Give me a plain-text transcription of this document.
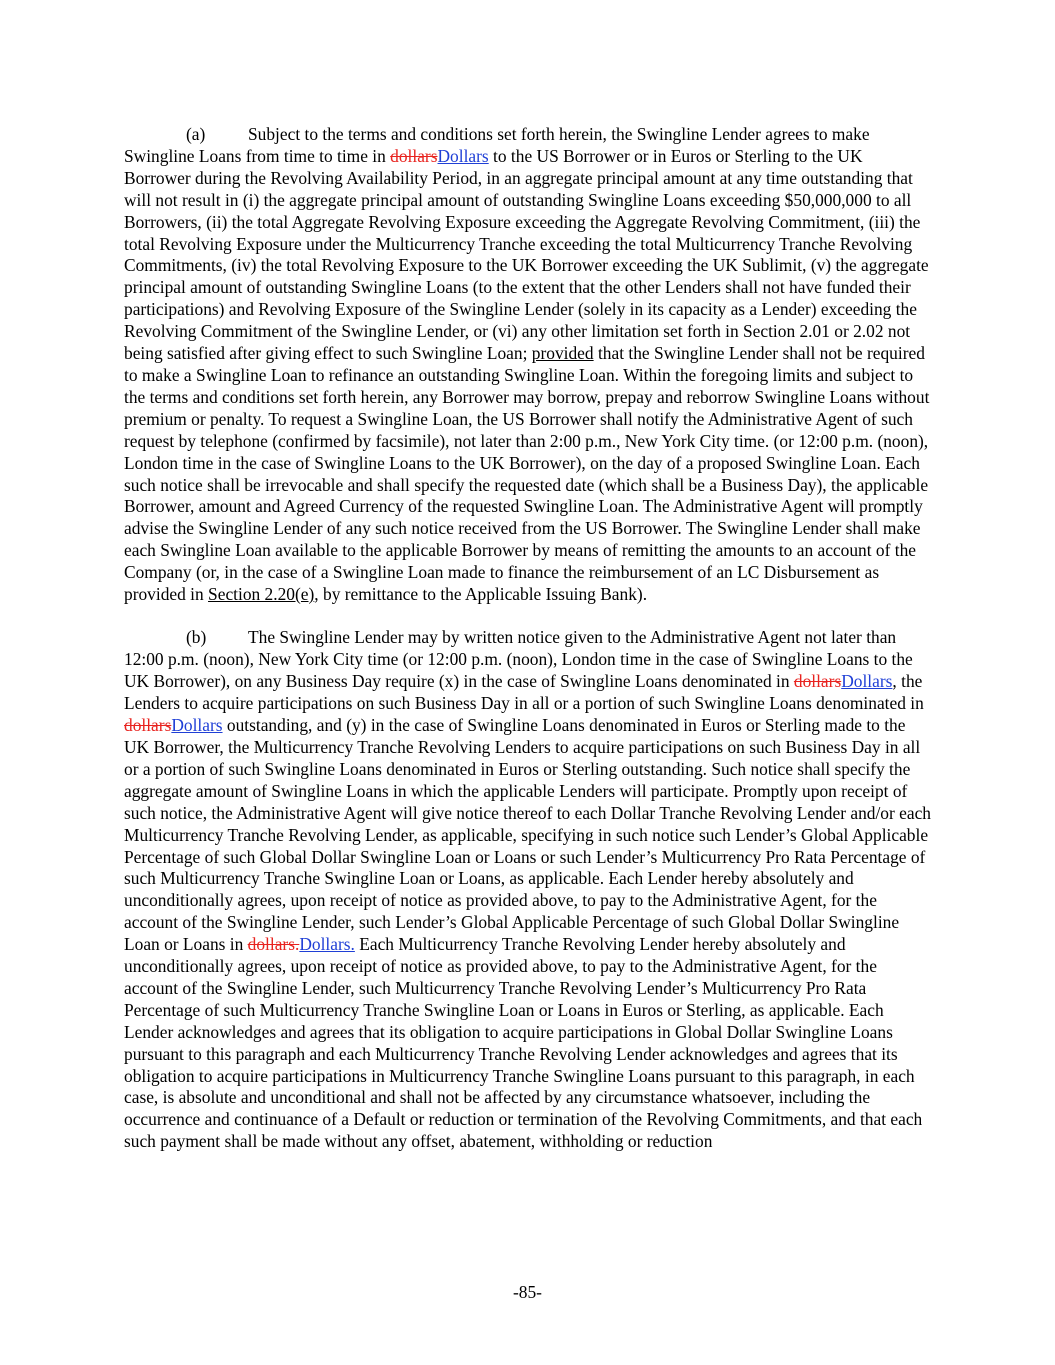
(a) Subject to the terms and conditions set forth herein, the Swingline Lender agrees to make Swingline Loans from time to time in dollarsDollars to the US Borrower or in Euros or Sterling to the UK Borrower during the Revolving Availability Period, in an aggregate principal amount at any time outstanding that will not result in (i) the aggregate principal amount of outstanding Swingline Loans exceeding $50,000,000 to all Borrowers, (ii) the total Aggregate Revolving Exposure exceeding the Aggregate Revolving Commitment, (iii) the total Revolving Exposure under the Multicurrency Tranche exceeding the total Multicurrency Tranche Revolving Commitments, (iv) the total Revolving Exposure to the UK Borrower exceeding the UK Sublimit, (v) the aggregate principal amount of outstanding Swingline Loans (to the extent that the other Lenders shall not have funded their participations) and Revolving Exposure of the Swingline Lender (solely in its capacity as a Lender) exceeding the Revolving Commitment of the Swingline Lender, or (vi) any other limitation set forth in Section 2.01 or 2.02 not being satisfied after giving effect to such Swingline Loan; provided that the Swingline Lender shall not be required to make a Swingline Loan to refinance an outstanding Swingline Loan. Within the foregoing limits and subject to the terms and conditions set forth herein, any Borrower may borrow, prepay and reborrow Swingline Loans without premium or penalty. To request a Swingline Loan, the US Borrower shall notify the Administrative Agent of such request by telephone (confirmed by facsimile), not later than 2:00 p.m., New York City time. (or 12:00 p.m. (noon), London time in the case of Swingline Loans to the UK Borrower), on the day of a proposed Swingline Loan. Each such notice shall be irrevocable and shall specify the requested date (which shall be a Business Day), the applicable Borrower, amount and Agreed Currency of the requested Swingline Loan. The Administrative Agent will promptly advise the Swingline Lender of any such notice received from the US Borrower. The Swingline Lender shall make each Swingline Loan available to the applicable Borrower by means of remitting the amounts to an account of the Company (or, in the case of a Swingline Loan made to finance the reimbursement of an LC Disbursement as provided in Section 2.20(e), by remittance to the Applicable Issuing Bank).

(b) The Swingline Lender may by written notice given to the Administrative Agent not later than 12:00 p.m. (noon), New York City time (or 12:00 p.m. (noon), London time in the case of Swingline Loans to the UK Borrower), on any Business Day require (x) in the case of Swingline Loans denominated in dollarsDollars, the Lenders to acquire participations on such Business Day in all or a portion of such Swingline Loans denominated in dollarsDollars outstanding, and (y) in the case of Swingline Loans denominated in Euros or Sterling made to the UK Borrower, the Multicurrency Tranche Revolving Lenders to acquire participations on such Business Day in all or a portion of such Swingline Loans denominated in Euros or Sterling outstanding. Such notice shall specify the aggregate amount of Swingline Loans in which the applicable Lenders will participate. Promptly upon receipt of such notice, the Administrative Agent will give notice thereof to each Dollar Tranche Revolving Lender and/or each Multicurrency Tranche Revolving Lender, as applicable, specifying in such notice such Lender’s Global Applicable Percentage of such Global Dollar Swingline Loan or Loans or such Lender’s Multicurrency Pro Rata Percentage of such Multicurrency Tranche Swingline Loan or Loans, as applicable. Each Lender hereby absolutely and unconditionally agrees, upon receipt of notice as provided above, to pay to the Administrative Agent, for the account of the Swingline Lender, such Lender’s Global Applicable Percentage of such Global Dollar Swingline Loan or Loans in dollars.Dollars. Each Multicurrency Tranche Revolving Lender hereby absolutely and unconditionally agrees, upon receipt of notice as provided above, to pay to the Administrative Agent, for the account of the Swingline Lender, such Multicurrency Tranche Revolving Lender’s Multicurrency Pro Rata Percentage of such Multicurrency Tranche Swingline Loan or Loans in Euros or Sterling, as applicable. Each Lender acknowledges and agrees that its obligation to acquire participations in Global Dollar Swingline Loans pursuant to this paragraph and each Multicurrency Tranche Revolving Lender acknowledges and agrees that its obligation to acquire participations in Multicurrency Tranche Swingline Loans pursuant to this paragraph, in each case, is absolute and unconditional and shall not be affected by any circumstance whatsoever, including the occurrence and continuance of a Default or reduction or termination of the Revolving Commitments, and that each such payment shall be made without any offset, abatement, withholding or reduction

-85-
